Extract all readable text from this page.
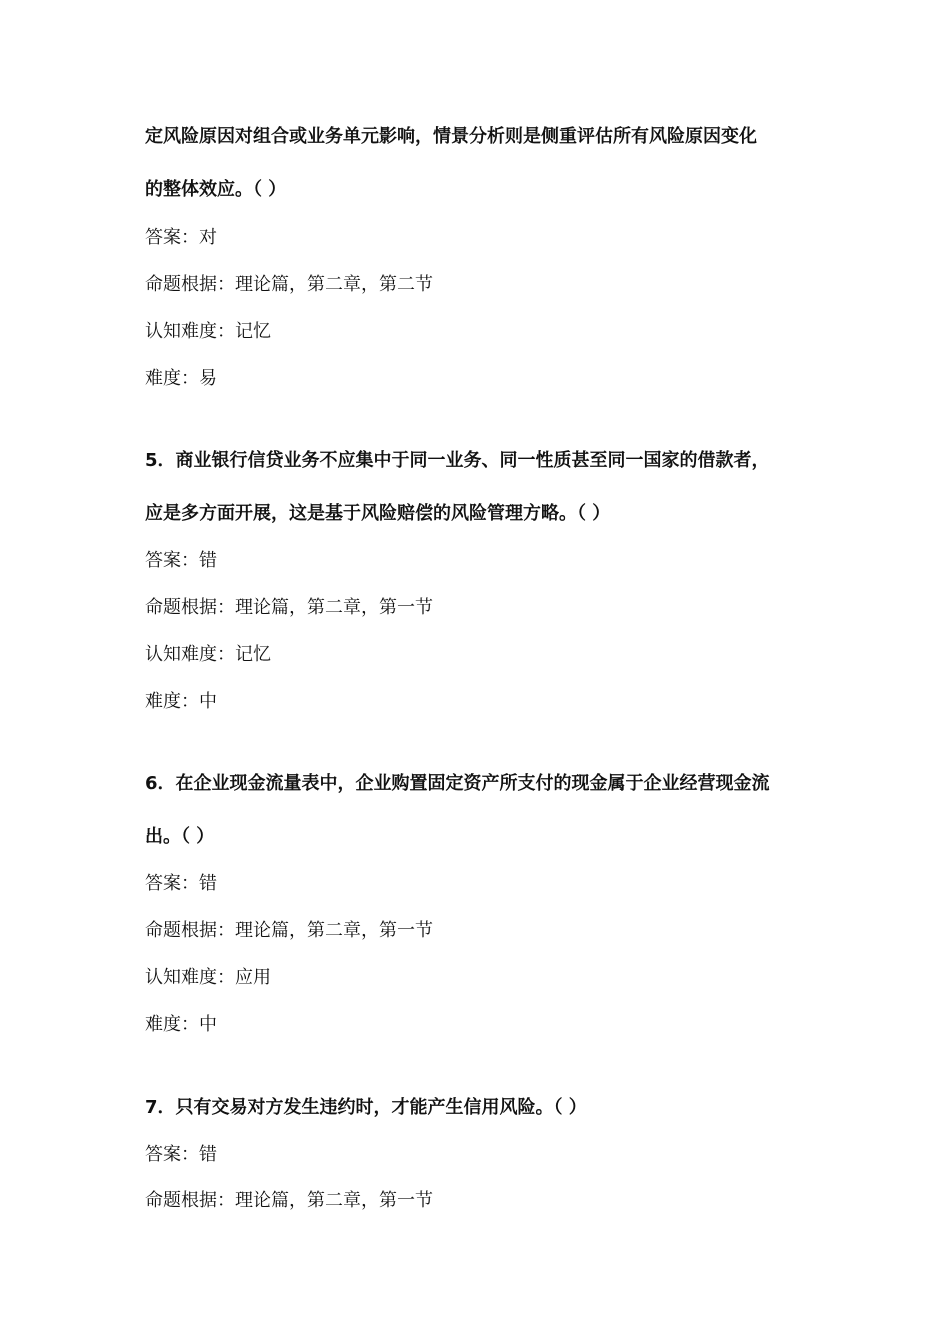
定风险原因对组合或业务单元影响，情景分析则是侧重评估所有风险原因变化
的整体效应。（ ）
答案：对
命题根据：理论篇，第二章，第二节
认知难度：记忆
难度：易
5．商业银行信贷业务不应集中于同一业务、同一性质甚至同一国家的借款者，
应是多方面开展，这是基于风险赔偿的风险管理方略。（ ）
答案：错
命题根据：理论篇，第二章，第一节
认知难度：记忆
难度：中
6．在企业现金流量表中，企业购置固定资产所支付的现金属于企业经营现金流
出。（ ）
答案：错
命题根据：理论篇，第二章，第一节
认知难度：应用
难度：中
7．只有交易对方发生违约时，才能产生信用风险。（ ）
答案：错
命题根据：理论篇，第二章，第一节
